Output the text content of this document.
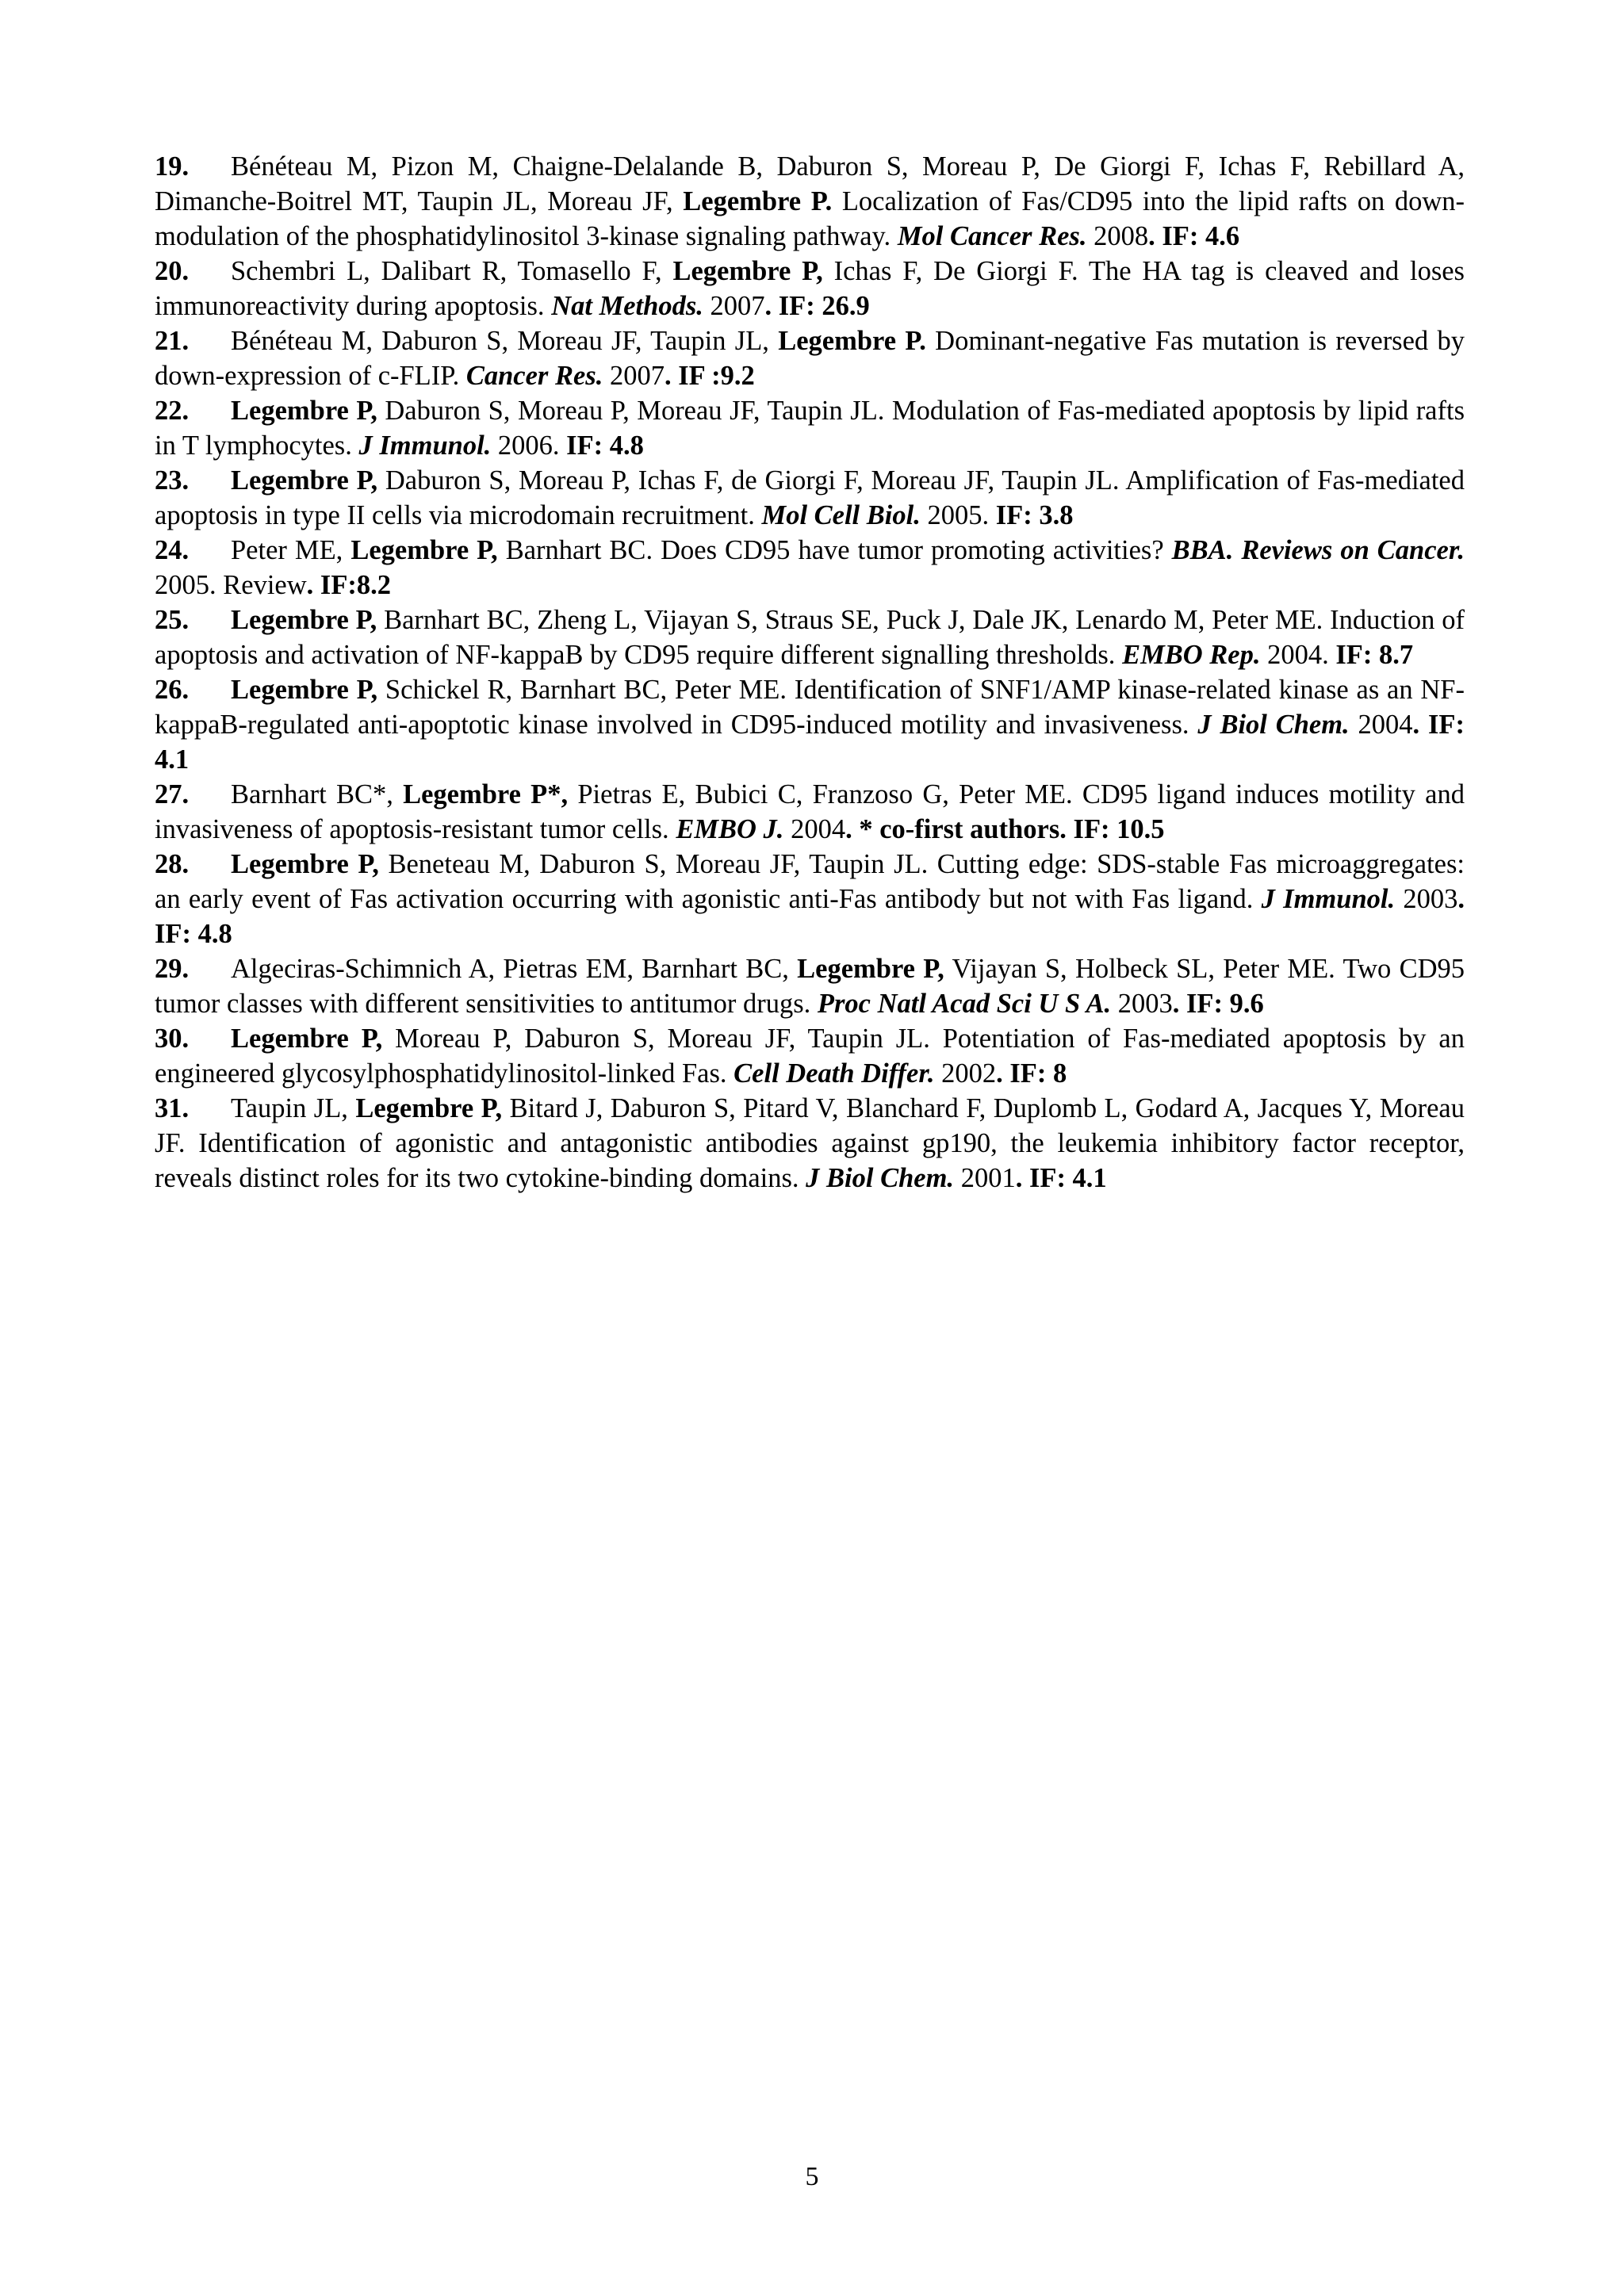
19. Bénéteau M, Pizon M, Chaigne-Delalande B, Daburon S, Moreau P, De Giorgi F, Ichas F, Rebillard A, Dimanche-Boitrel MT, Taupin JL, Moreau JF, Legembre P. Localization of Fas/CD95 into the lipid rafts on down-modulation of the phosphatidylinositol 3-kinase signaling pathway. Mol Cancer Res. 2008. IF: 4.6

20. Schembri L, Dalibart R, Tomasello F, Legembre P, Ichas F, De Giorgi F. The HA tag is cleaved and loses immunoreactivity during apoptosis. Nat Methods. 2007. IF: 26.9

21. Bénéteau M, Daburon S, Moreau JF, Taupin JL, Legembre P. Dominant-negative Fas mutation is reversed by down-expression of c-FLIP. Cancer Res. 2007. IF :9.2

22. Legembre P, Daburon S, Moreau P, Moreau JF, Taupin JL. Modulation of Fas-mediated apoptosis by lipid rafts in T lymphocytes. J Immunol. 2006. IF: 4.8

23. Legembre P, Daburon S, Moreau P, Ichas F, de Giorgi F, Moreau JF, Taupin JL. Amplification of Fas-mediated apoptosis in type II cells via microdomain recruitment. Mol Cell Biol. 2005. IF: 3.8

24. Peter ME, Legembre P, Barnhart BC. Does CD95 have tumor promoting activities? BBA. Reviews on Cancer. 2005. Review. IF:8.2

25. Legembre P, Barnhart BC, Zheng L, Vijayan S, Straus SE, Puck J, Dale JK, Lenardo M, Peter ME. Induction of apoptosis and activation of NF-kappaB by CD95 require different signalling thresholds. EMBO Rep. 2004. IF: 8.7

26. Legembre P, Schickel R, Barnhart BC, Peter ME. Identification of SNF1/AMP kinase-related kinase as an NF-kappaB-regulated anti-apoptotic kinase involved in CD95-induced motility and invasiveness. J Biol Chem. 2004. IF: 4.1

27. Barnhart BC*, Legembre P*, Pietras E, Bubici C, Franzoso G, Peter ME. CD95 ligand induces motility and invasiveness of apoptosis-resistant tumor cells. EMBO J. 2004. * co-first authors. IF: 10.5

28. Legembre P, Beneteau M, Daburon S, Moreau JF, Taupin JL. Cutting edge: SDS-stable Fas microaggregates: an early event of Fas activation occurring with agonistic anti-Fas antibody but not with Fas ligand. J Immunol. 2003. IF: 4.8

29. Algeciras-Schimnich A, Pietras EM, Barnhart BC, Legembre P, Vijayan S, Holbeck SL, Peter ME. Two CD95 tumor classes with different sensitivities to antitumor drugs. Proc Natl Acad Sci U S A. 2003. IF: 9.6

30. Legembre P, Moreau P, Daburon S, Moreau JF, Taupin JL. Potentiation of Fas-mediated apoptosis by an engineered glycosylphosphatidylinositol-linked Fas. Cell Death Differ. 2002. IF: 8

31. Taupin JL, Legembre P, Bitard J, Daburon S, Pitard V, Blanchard F, Duplomb L, Godard A, Jacques Y, Moreau JF. Identification of agonistic and antagonistic antibodies against gp190, the leukemia inhibitory factor receptor, reveals distinct roles for its two cytokine-binding domains. J Biol Chem. 2001. IF: 4.1

5
